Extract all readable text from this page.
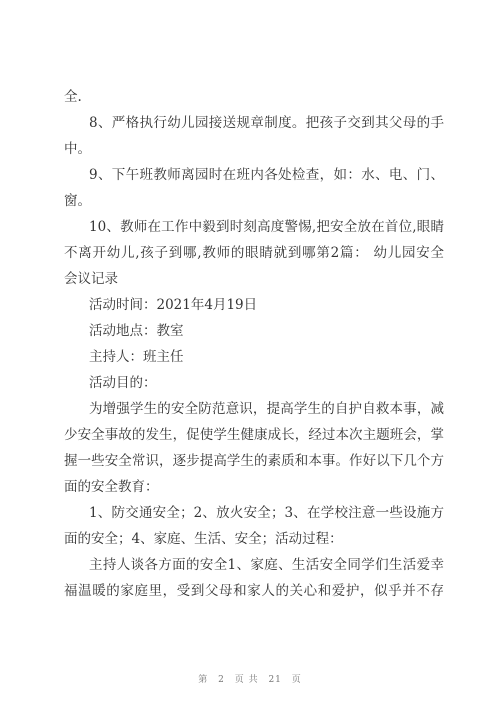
全.
8、严格执行幼儿园接送规章制度。把孩子交到其父母的手
中。
9、下午班教师离园时在班内各处检查，如：水、电、门、
窗。
10、教师在工作中毅到时刻高度警惕,把安全放在首位,眼睛
不离开幼儿,孩子到哪,教师的眼睛就到哪第2篇： 幼儿园安全
会议记录
活动时间：2021年4月19日
活动地点：教室
主持人：班主任
活动目的：
为增强学生的安全防范意识，提高学生的自护自救本事，减
少安全事故的发生，促使学生健康成长，经过本次主题班会，掌
握一些安全常识，逐步提高学生的素质和本事。作好以下几个方
面的安全教育：
1、防交通安全；2、放火安全；3、在学校注意一些设施方
面的安全；4、家庭、生活、安全；活动过程：
主持人谈各方面的安全1、家庭、生活安全同学们生活爱幸
福温暖的家庭里，受到父母和家人的关心和爱护，似乎并不存
第 2 页 共 21 页
